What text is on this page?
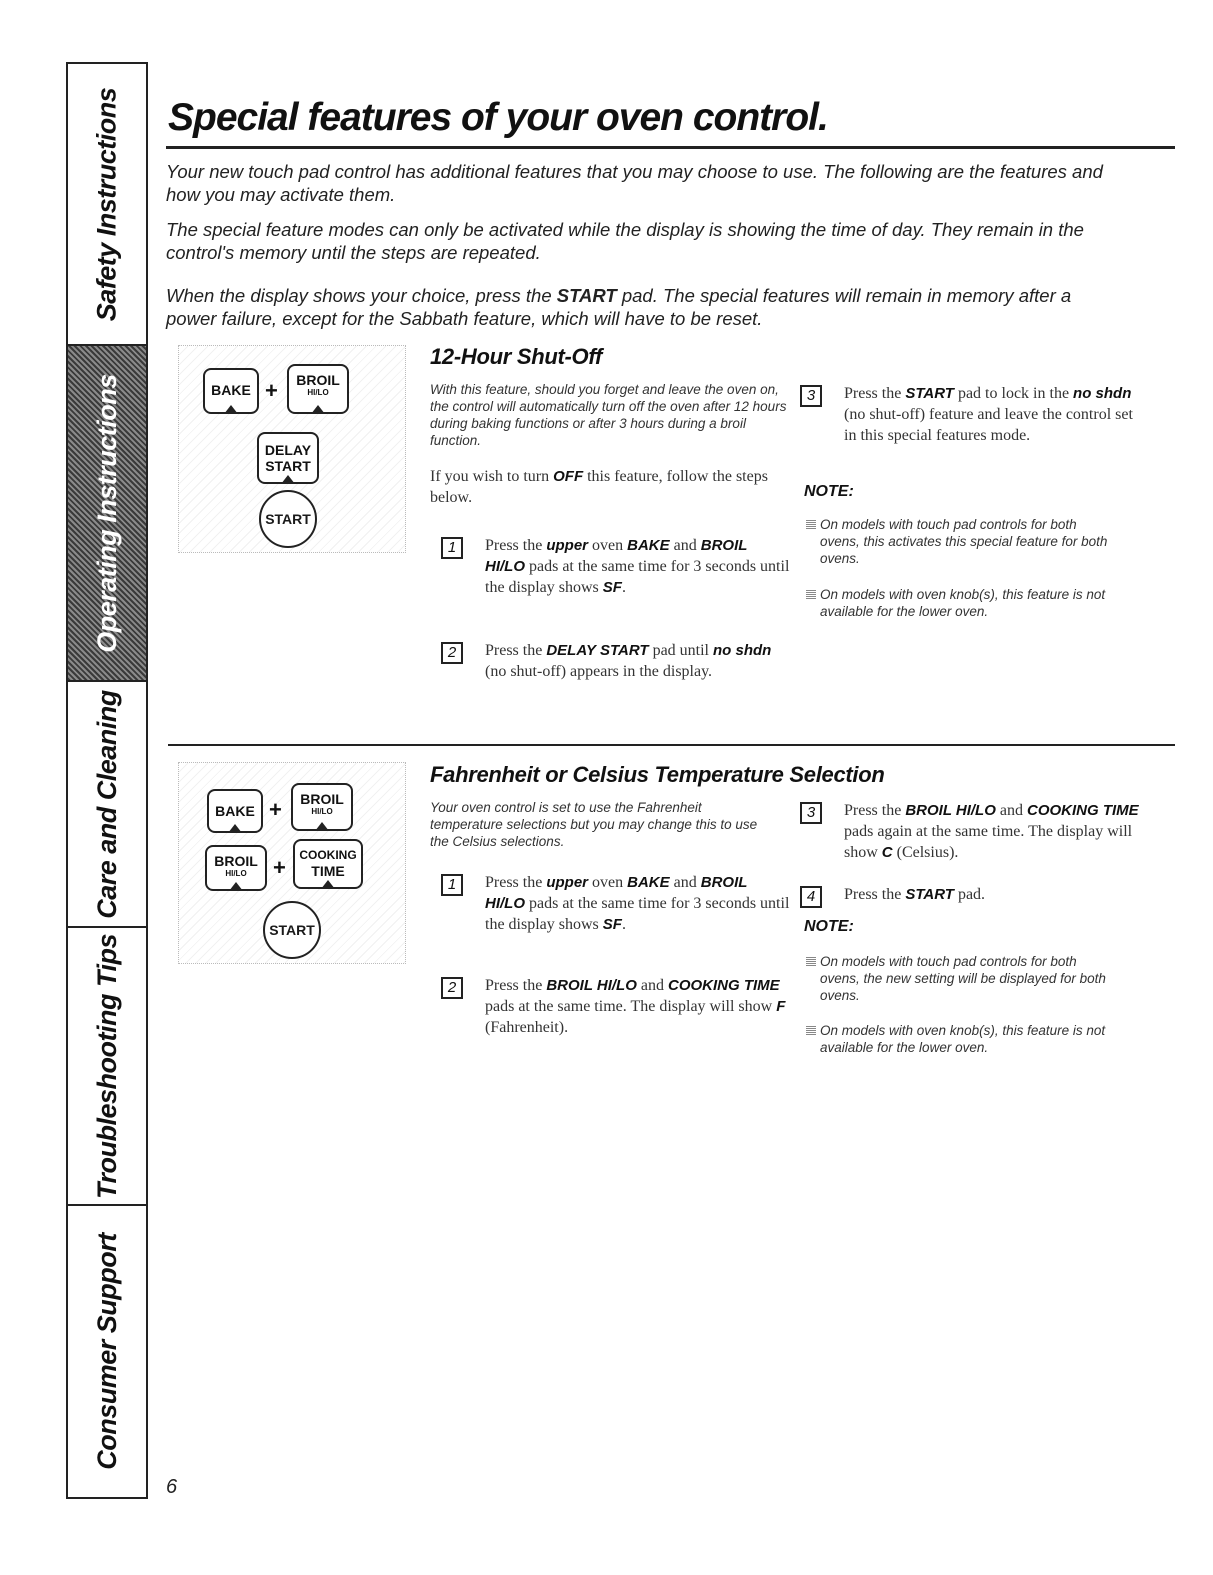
Safety Instructions
Operating Instructions
Care and Cleaning
Troubleshooting Tips
Consumer Support
Special features of your oven control.

Your new touch pad control has additional features that you may choose to use. The following are the features and how you may activate them.

The special feature modes can only be activated while the display is showing the time of day. They remain in the control's memory until the steps are repeated.

When the display shows your choice, press the START pad. The special features will remain in memory after a power failure, except for the Sabbath feature, which will have to be reset.

BAKE +	BROIL
HI/LO
DELAY
START
START
12-Hour Shut-Off

With this feature, should you forget and leave the oven on, the control will automatically turn off the oven after 12 hours during baking functions or after 3 hours during a broil function.

If you wish to turn OFF this feature, follow the steps below.

1	Press the upper oven BAKE and BROIL HI/LO pads at the same time for 3 seconds until the display shows SF.
2	Press the DELAY START pad until no shdn (no shut-off) appears in the display.
3	Press the START pad to lock in the no shdn (no shut-off) feature and leave the control set in this special features mode.

NOTE:

On models with touch pad controls for both ovens, this activates this special feature for both ovens.
On models with oven knob(s), this feature is not available for the lower oven.
BAKE +	BROIL
HI/LO
BROIL
HI/LO	+	COOKING
TIME
START
Fahrenheit or Celsius Temperature Selection

Your oven control is set to use the Fahrenheit temperature selections but you may change this to use the Celsius selections.

1	Press the upper oven BAKE and BROIL HI/LO pads at the same time for 3 seconds until the display shows SF.
2	Press the BROIL HI/LO and COOKING TIME pads at the same time. The display will show F (Fahrenheit).
3	Press the BROIL HI/LO and COOKING TIME pads again at the same time. The display will show C (Celsius).
4	Press the START pad.

NOTE:

On models with touch pad controls for both ovens, the new setting will be displayed for both ovens.
On models with oven knob(s), this feature is not available for the lower oven.
6
